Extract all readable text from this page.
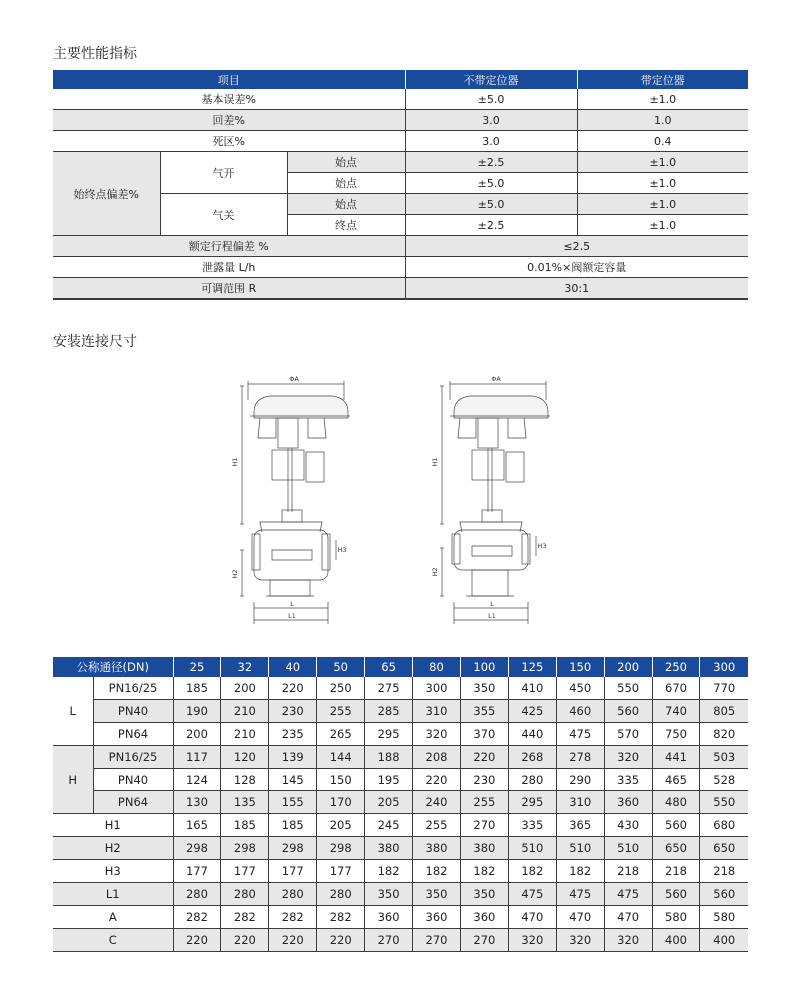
主要性能指标
项目			不带定位器	带定位器
基本误差%			±5.0	±1.0
回差%			3.0	1.0
死区%			3.0	0.4
始终点偏差%	气开	始点	±2.5	±1.0
		始点	±5.0	±1.0
	气关	始点	±5.0	±1.0
		终点	±2.5	±1.0
额定行程偏差 %			≤2.5	
泄露量 L/h			0.01%×阀额定容量	
可调范围 R			30:1	
安装连接尺寸
ΦA
H1
H2
H3
L
L1
ΦA
H1
H2
H3
L
L1
公称通径(DN)		25	32	40	50	65	80	100	125	150	200	250	300
L	PN16/25	185	200	220	250	275	300	350	410	450	550	670	770
	PN40	190	210	230	255	285	310	355	425	460	560	740	805
	PN64	200	210	235	265	295	320	370	440	475	570	750	820
H	PN16/25	117	120	139	144	188	208	220	268	278	320	441	503
	PN40	124	128	145	150	195	220	230	280	290	335	465	528
	PN64	130	135	155	170	205	240	255	295	310	360	480	550
H1		165	185	185	205	245	255	270	335	365	430	560	680
H2		298	298	298	298	380	380	380	510	510	510	650	650
H3		177	177	177	177	182	182	182	182	182	218	218	218
L1		280	280	280	280	350	350	350	475	475	475	560	560
A		282	282	282	282	360	360	360	470	470	470	580	580
C		220	220	220	220	270	270	270	320	320	320	400	400
